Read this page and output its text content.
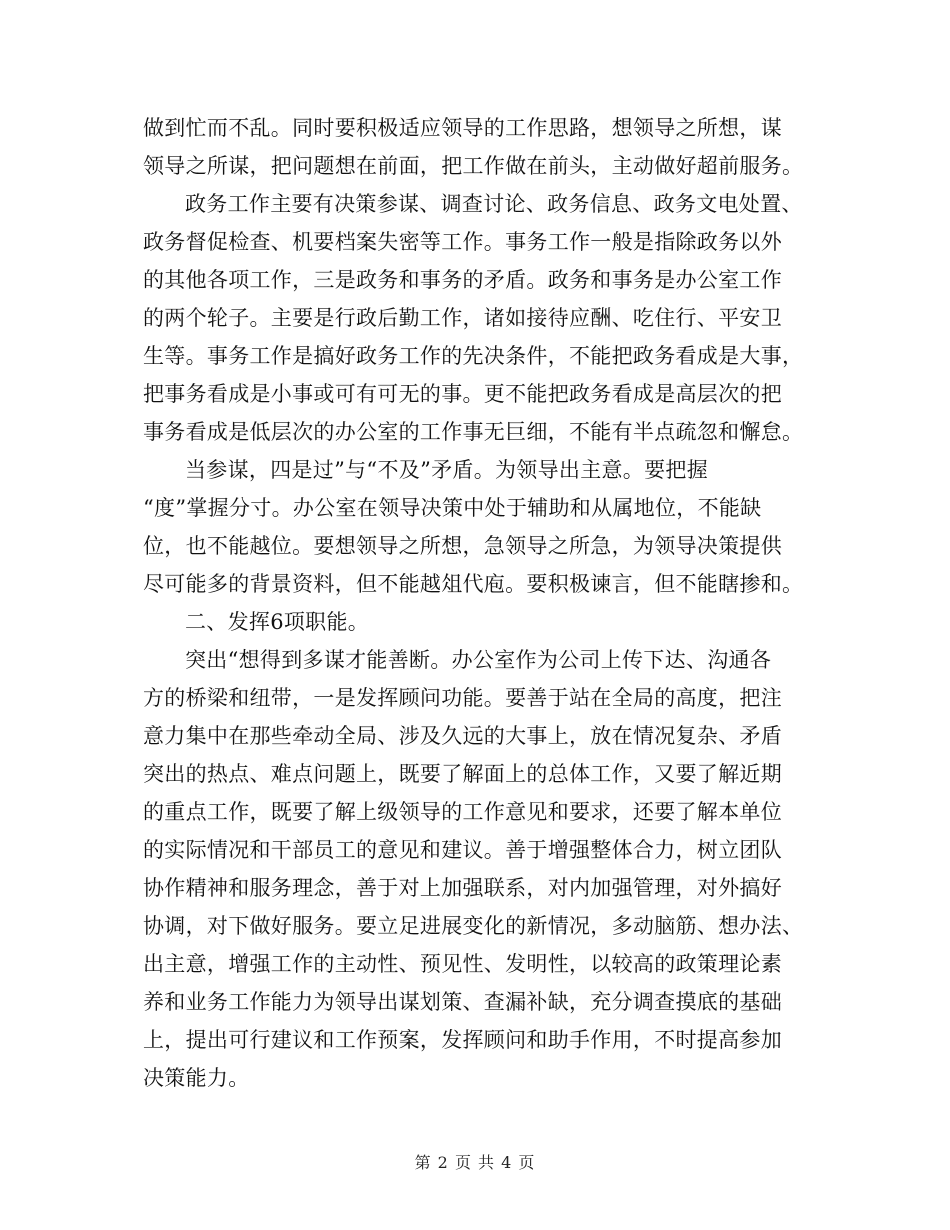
做到忙而不乱。同时要积极适应领导的工作思路，想领导之所想，谋
领导之所谋，把问题想在前面，把工作做在前头，主动做好超前服务。
政务工作主要有决策参谋、调查讨论、政务信息、政务文电处置、
政务督促检查、机要档案失密等工作。事务工作一般是指除政务以外
的其他各项工作，三是政务和事务的矛盾。政务和事务是办公室工作
的两个轮子。主要是行政后勤工作，诸如接待应酬、吃住行、平安卫
生等。事务工作是搞好政务工作的先决条件，不能把政务看成是大事，
把事务看成是小事或可有可无的事。更不能把政务看成是高层次的把
事务看成是低层次的办公室的工作事无巨细，不能有半点疏忽和懈怠。
当参谋，四是过”与“不及”矛盾。为领导出主意。要把握
“度”掌握分寸。办公室在领导决策中处于辅助和从属地位，不能缺
位，也不能越位。要想领导之所想，急领导之所急，为领导决策提供
尽可能多的背景资料，但不能越俎代庖。要积极谏言，但不能瞎掺和。
二、发挥6项职能。
突出“想得到多谋才能善断。办公室作为公司上传下达、沟通各
方的桥梁和纽带，一是发挥顾问功能。要善于站在全局的高度，把注
意力集中在那些牵动全局、涉及久远的大事上，放在情况复杂、矛盾
突出的热点、难点问题上，既要了解面上的总体工作，又要了解近期
的重点工作，既要了解上级领导的工作意见和要求，还要了解本单位
的实际情况和干部员工的意见和建议。善于增强整体合力，树立团队
协作精神和服务理念，善于对上加强联系，对内加强管理，对外搞好
协调，对下做好服务。要立足进展变化的新情况，多动脑筋、想办法、
出主意，增强工作的主动性、预见性、发明性，以较高的政策理论素
养和业务工作能力为领导出谋划策、查漏补缺，充分调查摸底的基础
上，提出可行建议和工作预案，发挥顾问和助手作用，不时提高参加
决策能力。
第 2 页 共 4 页
